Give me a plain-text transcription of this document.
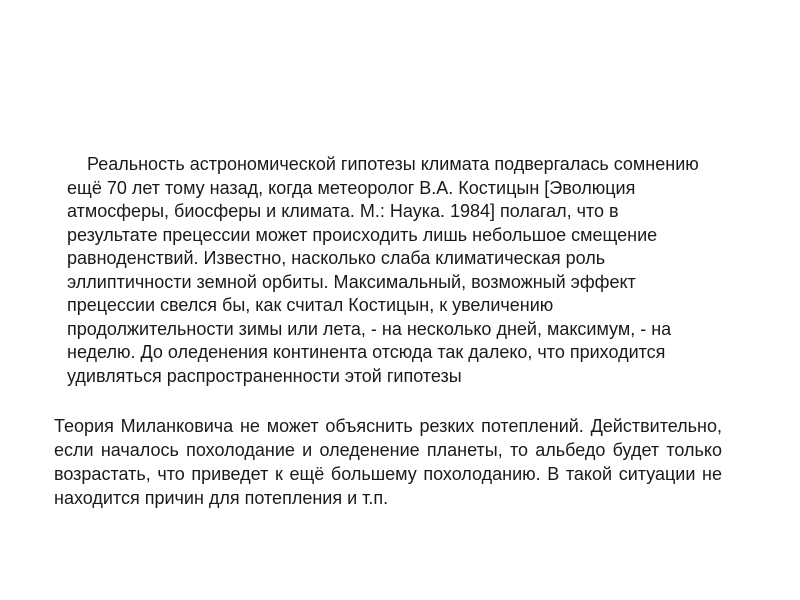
Реальность астрономической гипотезы климата подвергалась сомнению
ещё 70 лет тому назад, когда метеоролог В.А. Костицын [Эволюция
атмосферы, биосферы и климата. М.: Наука. 1984] полагал, что в
результате прецессии может происходить лишь небольшое смещение
равноденствий. Известно, насколько слаба климатическая роль
эллиптичности земной орбиты. Максимальный, возможный эффект
прецессии свелся бы, как считал Костицын, к увеличению
продолжительности зимы или лета, - на несколько дней, максимум, - на
неделю. До оледенения континента отсюда так далеко, что приходится
удивляться распространенности этой гипотезы

Теория Миланковича не может объяснить резких потеплений. Действительно, если началось похолодание и оледенение планеты, то альбедо будет только возрастать, что приведет к ещё большему похолоданию. В такой ситуации не находится причин для потепления и т.п.
